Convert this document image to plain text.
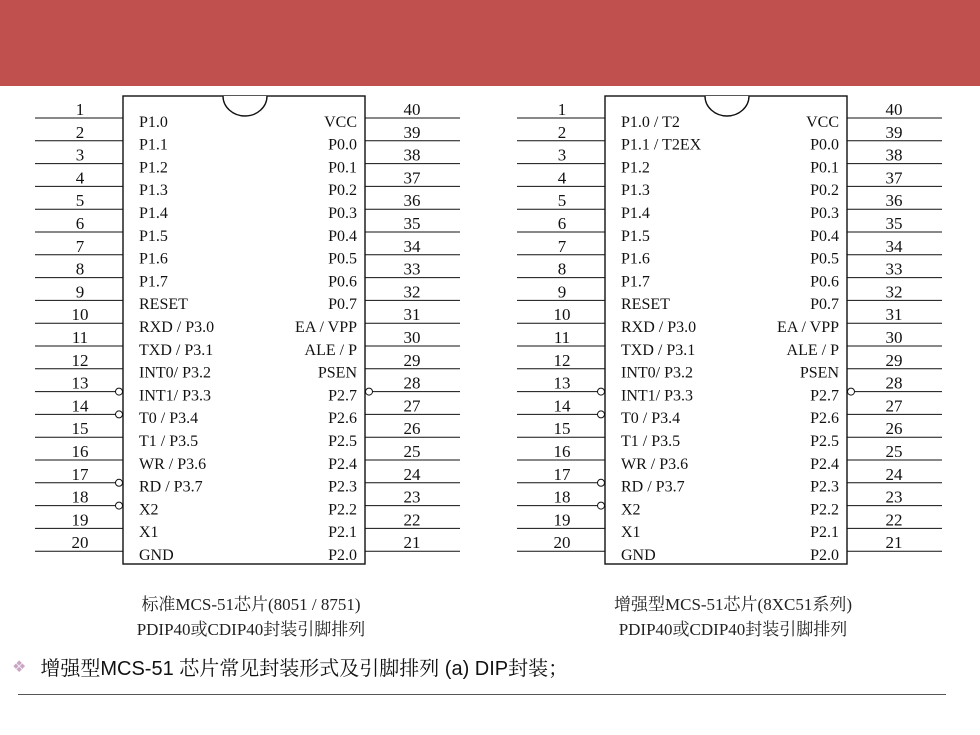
1
2
P1.0
3
P1.1
4
P1.2
5
P1.3
6
P1.4
7
P1.5
8
P1.6
9
P1.7
10
RESET
11
RXD / P3.0
12
TXD / P3.1
13
INT0/ P3.2
14
INT1/ P3.3
15
T0 / P3.4
16
T1 / P3.5
17
WR / P3.6
18
RD / P3.7
19
X2
20
X1
GND
40
39
VCC
38
P0.0
37
P0.1
36
P0.2
35
P0.3
34
P0.4
33
P0.5
32
P0.6
31
P0.7
30
EA / VPP
29
ALE / P
28
PSEN
27
P2.7
26
P2.6
25
P2.5
24
P2.4
23
P2.3
22
P2.2
21
P2.1
P2.0
1
2
P1.0 / T2
3
P1.1 / T2EX
4
P1.2
5
P1.3
6
P1.4
7
P1.5
8
P1.6
9
P1.7
10
RESET
11
RXD / P3.0
12
TXD / P3.1
13
INT0/ P3.2
14
INT1/ P3.3
15
T0 / P3.4
16
T1 / P3.5
17
WR / P3.6
18
RD / P3.7
19
X2
20
X1
GND
40
39
VCC
38
P0.0
37
P0.1
36
P0.2
35
P0.3
34
P0.4
33
P0.5
32
P0.6
31
P0.7
30
EA / VPP
29
ALE / P
28
PSEN
27
P2.7
26
P2.6
25
P2.5
24
P2.4
23
P2.3
22
P2.2
21
P2.1
P2.0
标准MCS-51芯片(8051 / 8751)
PDIP40或CDIP40封装引脚排列
增强型MCS-51芯片(8XC51系列)
PDIP40或CDIP40封装引脚排列
❖ 增强型MCS-51 芯片常见封装形式及引脚排列 (a) DIP封装；
